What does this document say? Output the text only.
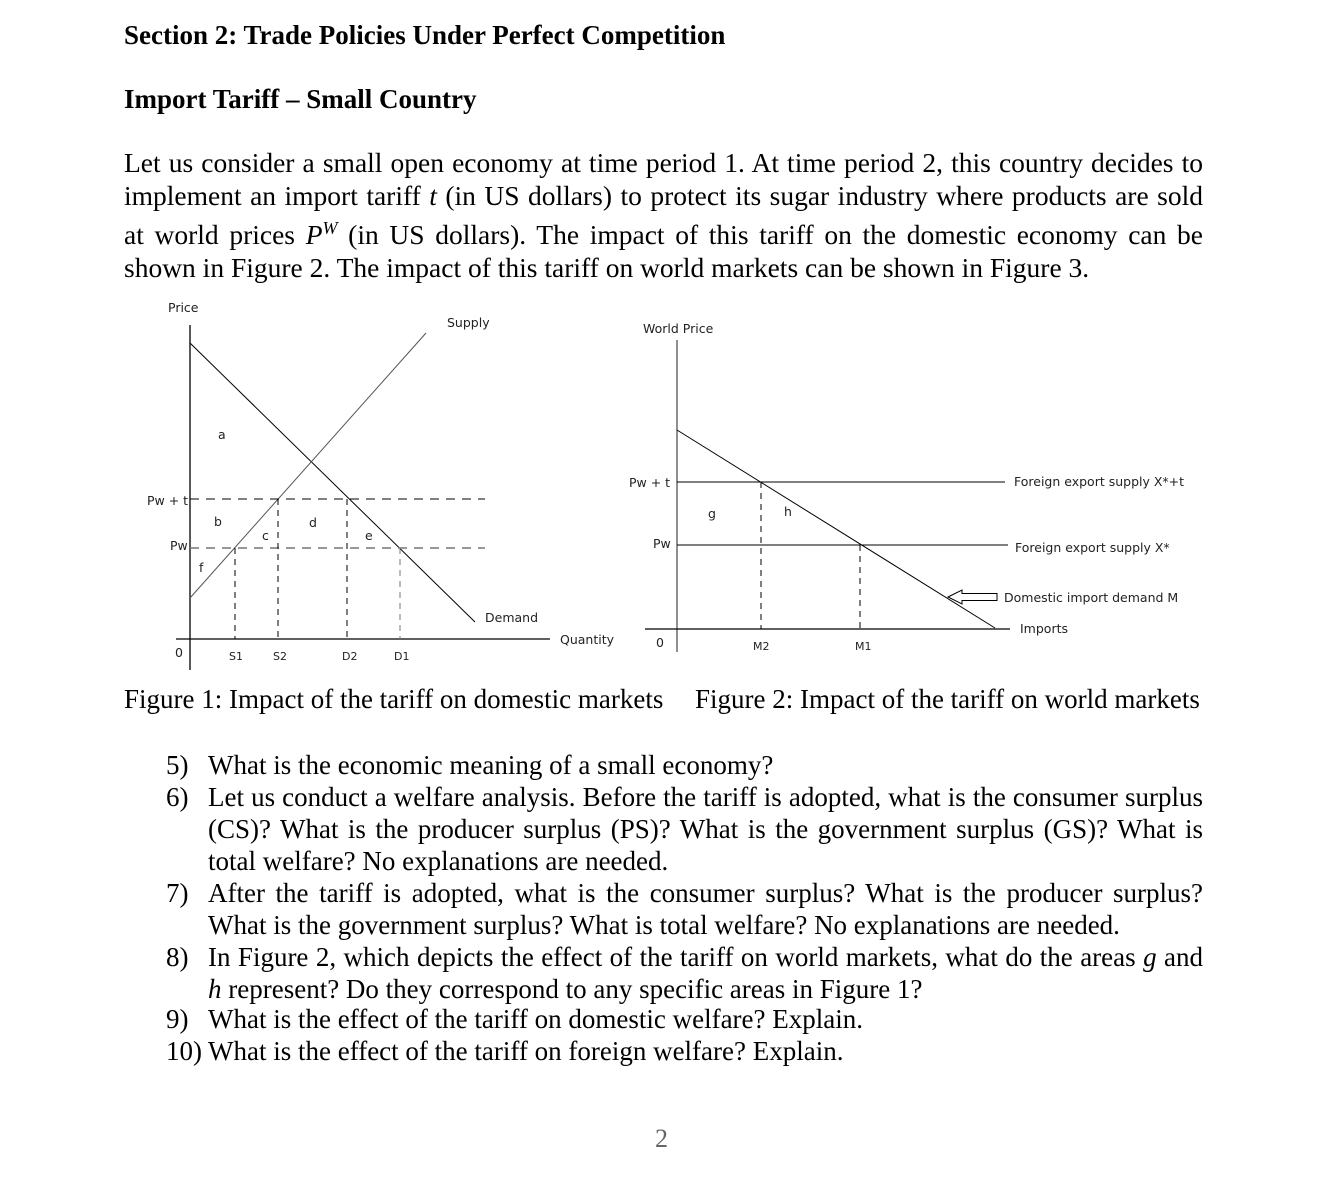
Section 2: Trade Policies Under Perfect Competition
Import Tariff – Small Country
Let us consider a small open economy at time period 1. At time period 2, this country decides to implement an import tariff t (in US dollars) to protect its sugar industry where products are sold at world prices $P^W$ (in US dollars). The impact of this tariff on the domestic economy can be shown in Figure 2. The impact of this tariff on world markets can be shown in Figure 3.
Price
Supply
Demand
Quantity
Pw + t
Pw
0
a
b
c
d
e
f
S1	S2	D2	D1
World Price
Pw + t
Pw
0
Foreign export supply X*+t
Foreign export supply X*
Domestic import demand M
Imports
g	h
M2	M1
Figure 1: Impact of the tariff on domestic markets Figure 2: Impact of the tariff on world markets
5) What is the economic meaning of a small economy?
6) Let us conduct a welfare analysis. Before the tariff is adopted, what is the consumer surplus (CS)? What is the producer surplus (PS)? What is the government surplus (GS)? What is total welfare? No explanations are needed.
7) After the tariff is adopted, what is the consumer surplus? What is the producer surplus? What is the government surplus? What is total welfare? No explanations are needed.
8) In Figure 2, which depicts the effect of the tariff on world markets, what do the areas g and h represent? Do they correspond to any specific areas in Figure 1?
9) What is the effect of the tariff on domestic welfare? Explain.
10) What is the effect of the tariff on foreign welfare? Explain.
2
